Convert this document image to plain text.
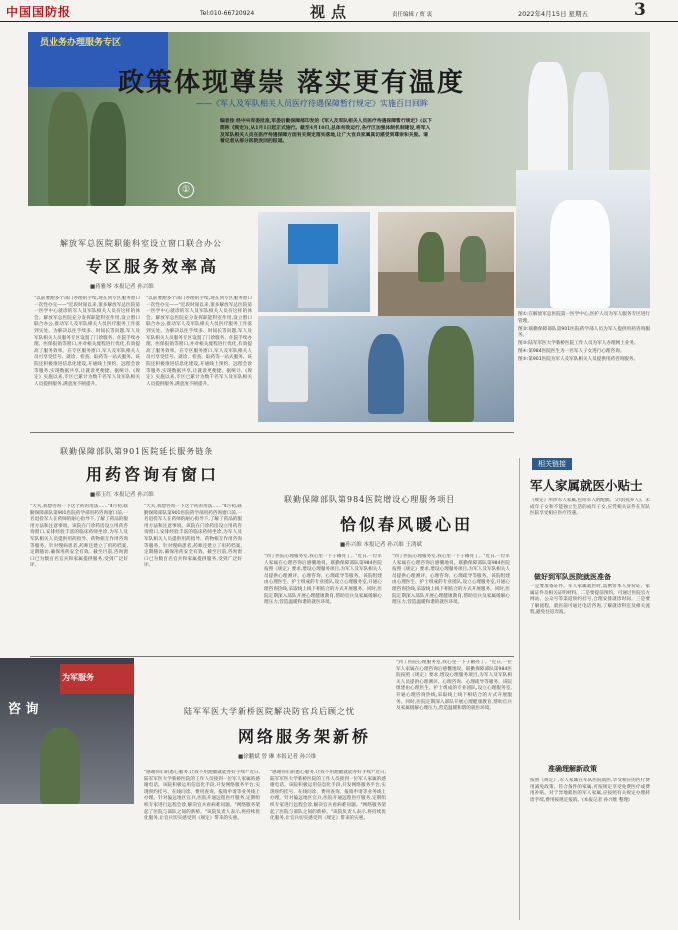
中国国防报	Tel:010-66720924	视点	责任编辑 / 贾 衷	2022年4月15日 星期五	3
①
员业务办理服务专区
政策体现尊崇 落实更有温度
——《军人及军队相关人员医疗待遇保障暂行规定》实施百日回眸
编者按 经中央军委批准,军委后勤保障部印发的《军人及军队相关人员医疗待遇保障暂行规定》(以下简称《规定》),从1月1日起正式施行。截至4月10日,总体有效运行,各疗区加强体制机制建设,将军人及军队相关人员在医疗待遇保障方面有关规定落实落地,让广大官兵家属真切感受到尊崇和关爱。请看记者从部分医院发回的报道。
图①:在解放军总医院第一医学中心,医护人员为军人服务专区进行管理。
图②:联勤保障部队第901医院药学部人员为军人提供用药咨询服务。
图③:陆军军医大学新桥医院工作人员为军人办理网上业务。
图④:第984医院医生为一名军人子女进行心理咨询。
图⑤:第901医院为军人及军队相关人员提供用药咨询服务。
解放军总医院职能科室设立窗口联合办公
专区服务效率高
■蒋雅琴 本报记者 孙兴维
"以前要跑多个部门办理的手续,现在到专区服务窗口一次性办完——"近段时间以来,很多解放军总医院第一医学中心就诊的军人及军队相关人员有这样的体会。解放军总医院充分发挥职能科室作用,设立窗口联合办公,推动军人及军队相关人员医疗服务工作落到实处。为解决以往手续多、时间长等问题,军人及军队相关人员服务专区设置了门诊服务、住院手续办理、医保报销等窗口,并对相关流程进行优化,有效提高了服务效率。在专区服务窗口,军人及军队相关人员可享受挂号、就诊、检查、取药等一站式服务。该院还积极推进信息化建设,开通线上预约、远程会诊等服务,实现数据共享,让就诊更便捷。据统计,《规定》实施以来,专区已累计为数千名军人及军队相关人员提供服务,满意度不断提升。
"以前要跑多个部门办理的手续,现在到专区服务窗口一次性办完——"近段时间以来,很多解放军总医院第一医学中心就诊的军人及军队相关人员有这样的体会。解放军总医院充分发挥职能科室作用,设立窗口联合办公,推动军人及军队相关人员医疗服务工作落到实处。为解决以往手续多、时间长等问题,军人及军队相关人员服务专区设置了门诊服务、住院手续办理、医保报销等窗口,并对相关流程进行优化,有效提高了服务效率。在专区服务窗口,军人及军队相关人员可享受挂号、就诊、检查、取药等一站式服务。该院还积极推进信息化建设,开通线上预约、远程会诊等服务,实现数据共享,让就诊更便捷。据统计,《规定》实施以来,专区已累计为数千名军人及军队相关人员提供服务,满意度不断提升。
联勤保障部队第901医院延长服务链条
用药咨询有窗口
■郝玉红 本报记者 孙兴维
"大夫,我想咨询一下这个药的用法……"4月初,联勤保障部队第901医院药学部用药咨询窗口前,一名退役军人在药师的耐心指导下,了解了药品的服用方法和注意事项。该院在门诊药房设立用药咨询窗口,安排经验丰富的临床药师坐诊,为军人及军队相关人员提供用药指导、药物相互作用咨询等服务。针对慢病患者,药师还建立了用药档案,定期随访,确保用药安全有效。截至目前,咨询窗口已为数百名官兵和家属提供服务,受到广泛好评。
"大夫,我想咨询一下这个药的用法……"4月初,联勤保障部队第901医院药学部用药咨询窗口前,一名退役军人在药师的耐心指导下,了解了药品的服用方法和注意事项。该院在门诊药房设立用药咨询窗口,安排经验丰富的临床药师坐诊,为军人及军队相关人员提供用药指导、药物相互作用咨询等服务。针对慢病患者,药师还建立了用药档案,定期随访,确保用药安全有效。截至目前,咨询窗口已为数百名官兵和家属提供服务,受到广泛好评。
联勤保障部队第984医院增设心理服务项目
恰似春风暖心田
■孙兴维 本报记者 孙兴维 王鸿斌
"到了医院心理服务室,我心里一下子敞亮了。"近日,一位军人家属在心理咨询后感慨地说。联勤保障部队第984医院按照《规定》要求,增设心理服务项目,为军人及军队相关人员提供心理测评、心理咨询、心理疏导等服务。该院组建由心理医生、护士组成的专业团队,设立心理服务室,开通心理咨询热线,采取线上线下相结合的方式开展服务。同时,医院定期深入部队开展心理健康教育,帮助官兵及家属缓解心理压力,营造温暖和谐的就医环境。
"到了医院心理服务室,我心里一下子敞亮了。"近日,一位军人家属在心理咨询后感慨地说。联勤保障部队第984医院按照《规定》要求,增设心理服务项目,为军人及军队相关人员提供心理测评、心理咨询、心理疏导等服务。该院组建由心理医生、护士组成的专业团队,设立心理服务室,开通心理咨询热线,采取线上线下相结合的方式开展服务。同时,医院定期深入部队开展心理健康教育,帮助官兵及家属缓解心理压力,营造温暖和谐的就医环境。
咨 询
为军服务
陆军军医大学新桥医院解决防官兵后顾之忧
网络服务架新桥
■徐鹏斌 曾 琳 本报记者 孙兴维
"感谢你们的悉心服务,让我不用跑腿就能办好手续!"近日,陆军军医大学新桥医院的工作人员接到一位军人家属的感谢电话。该院积极运用信息化手段,开发网络服务平台,实现预约挂号、在线问诊、费用查询、报销申请等业务线上办理。针对偏远地区官兵,医院开通远程医疗服务,定期组织专家进行远程会诊,解决官兵看病难问题。"网络服务架起了医院与部队之间的新桥。"该院负责人表示,将持续优化服务,让官兵切实感受到《规定》带来的实惠。
"感谢你们的悉心服务,让我不用跑腿就能办好手续!"近日,陆军军医大学新桥医院的工作人员接到一位军人家属的感谢电话。该院积极运用信息化手段,开发网络服务平台,实现预约挂号、在线问诊、费用查询、报销申请等业务线上办理。针对偏远地区官兵,医院开通远程医疗服务,定期组织专家进行远程会诊,解决官兵看病难问题。"网络服务架起了医院与部队之间的新桥。"该院负责人表示,将持续优化服务,让官兵切实感受到《规定》带来的实惠。
"到了医院心理服务室,我心里一下子敞亮了。"近日,一位军人家属在心理咨询后感慨地说。联勤保障部队第984医院按照《规定》要求,增设心理服务项目,为军人及军队相关人员提供心理测评、心理咨询、心理疏导等服务。该院组建由心理医生、护士组成的专业团队,设立心理服务室,开通心理咨询热线,采取线上线下相结合的方式开展服务。同时,医院定期深入部队开展心理健康教育,帮助官兵及家属缓解心理压力,营造温暖和谐的就医环境。
相关链接
军人家属就医小贴士
《规定》所涉军人家属,包括军人的配偶、父母(抚养人)、未成年子女和不能独立生活的成年子女,应凭相关证件在军队医院享受相应医疗待遇。
做好到军队医院就医准备
一是要准备证件。军人家属就医时,需携带本人身份证、家属证件及相关证明材料。二是要提前预约。可通过医院官方网站、公众号等渠道预约挂号,合理安排就诊时间。三是要了解流程。就医前可通过电话咨询,了解就诊科室及相关流程,避免往返奔波。
准确理解新政策
按照《规定》,军人家属在军队医院就医,享受相应的医疗费用减免政策。符合条件的家属,可按规定享受免费医疗或费用补贴。对于异地就医的军人家属,应按照有关规定办理转诊手续,费用按规定报销。(本报记者 孙兴维 整理)
